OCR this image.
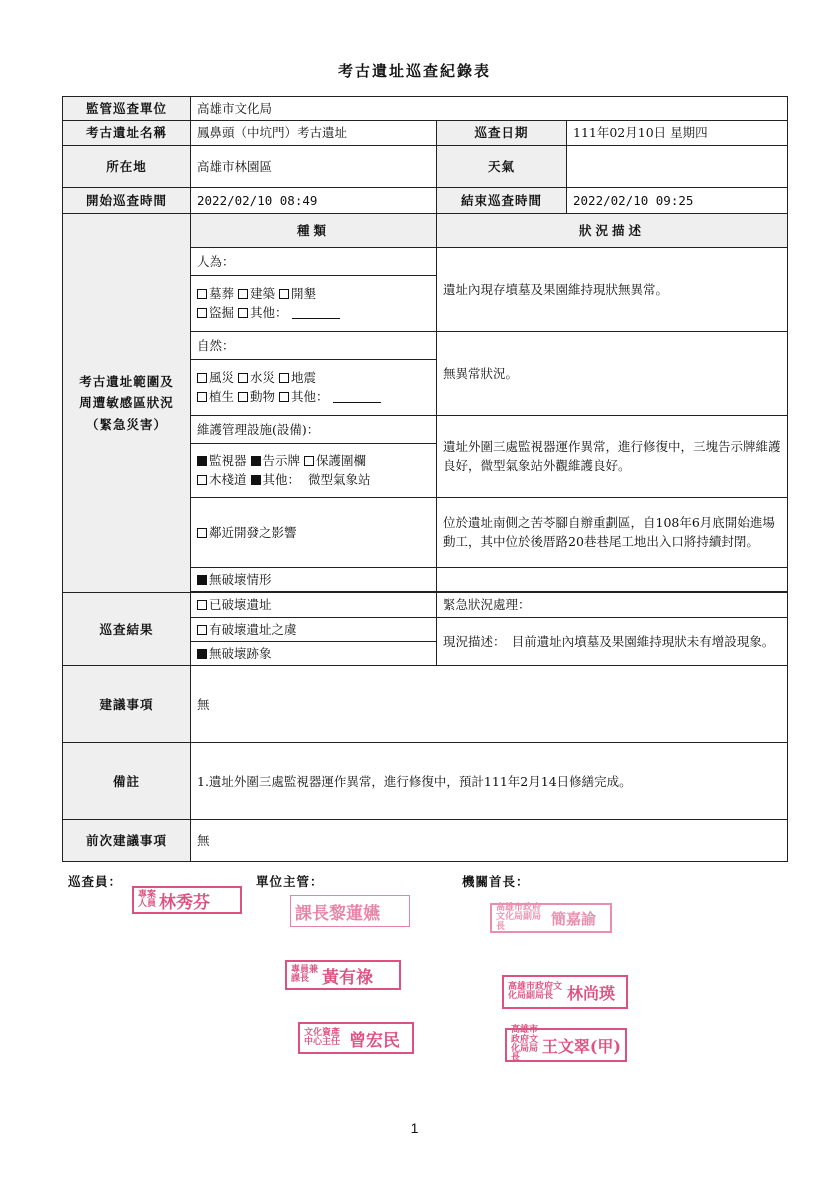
考古遺址巡查紀錄表
監管巡查單位	高雄市文化局		
考古遺址名稱	鳳鼻頭（中坑門）考古遺址	巡查日期	111年02月10日 星期四
所在地	高雄市林園區	天氣	
開始巡查時間	2022/02/10 08:49	結束巡查時間	2022/02/10 09:25

考古遺址範圍及
周遭敏感區狀況
（緊急災害）	種類	狀況描述	
	人為：	遺址內現存墳墓及果園維持現狀無異常。	

	墓葬 建築 開墾
盜掘 其他：		

	自然：	無異常狀況。	

	風災 水災 地震
植生 動物 其他：		

	維護管理設施(設備)：	遺址外圍三處監視器運作異常，進行修復中，三塊告示牌維護良好，微型氣象站外觀維護良好。	

	監視器 告示牌 保護圍欄
木棧道 其他： 微型氣象站		

	鄰近開發之影響	位於遺址南側之苦苓腳自辦重劃區，自108年6月底開始進場動工，其中位於後厝路20巷巷尾工地出入口將持續封閉。	
	無破壞情形		

巡查結果	已破壞遺址	緊急狀況處理：	
	有破壞遺址之虞	現況描述：　目前遺址內墳墓及果園維持現狀未有增設現象。	
	無破壞跡象		
建議事項	無		
備註	1.遺址外圍三處監視器運作異常，進行修復中，預計111年2月14日修繕完成。		
前次建議事項	無		
巡查員：	單位主管：	機關首長：
專案人員 林秀芬
課長黎蓮嬿
專員兼課長 黃有祿
文化資產中心主任 曾宏民
高雄市政府文化局副局長	簡嘉諭
高雄市政府文化局副局長 林尚瑛
高雄市政府文化局局長
王文翠(甲)
1
